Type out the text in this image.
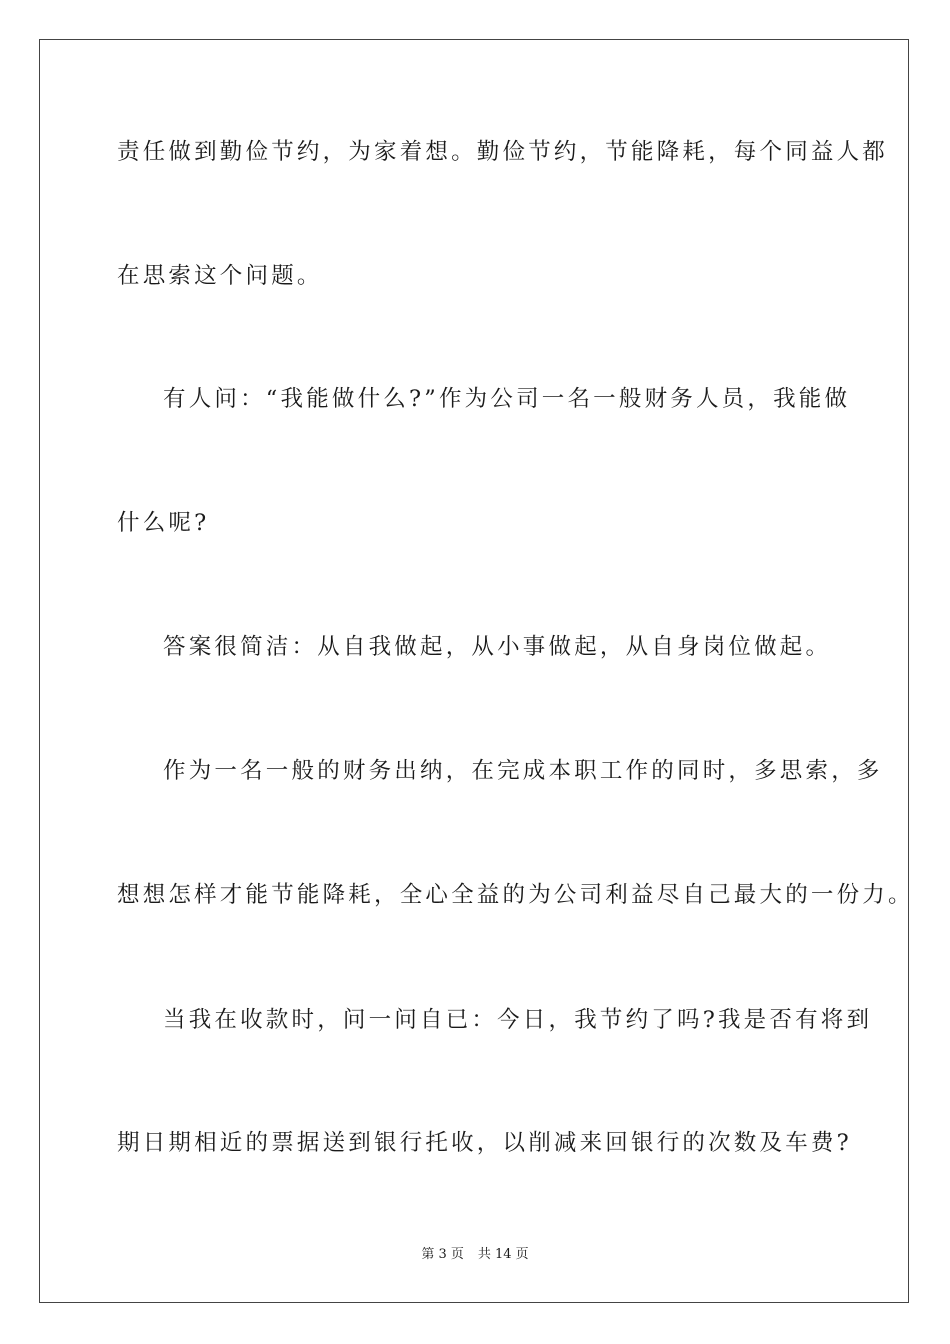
责任做到勤俭节约，为家着想。勤俭节约，节能降耗，每个同益人都
在思索这个问题。
有人问：“我能做什么?”作为公司一名一般财务人员，我能做
什么呢?
答案很简洁：从自我做起，从小事做起，从自身岗位做起。
作为一名一般的财务出纳，在完成本职工作的同时，多思索，多
想想怎样才能节能降耗，全心全益的为公司利益尽自己最大的一份力。
当我在收款时，问一问自已：今日，我节约了吗?我是否有将到
期日期相近的票据送到银行托收，以削减来回银行的次数及车费?
第 3 页 共 14 页
